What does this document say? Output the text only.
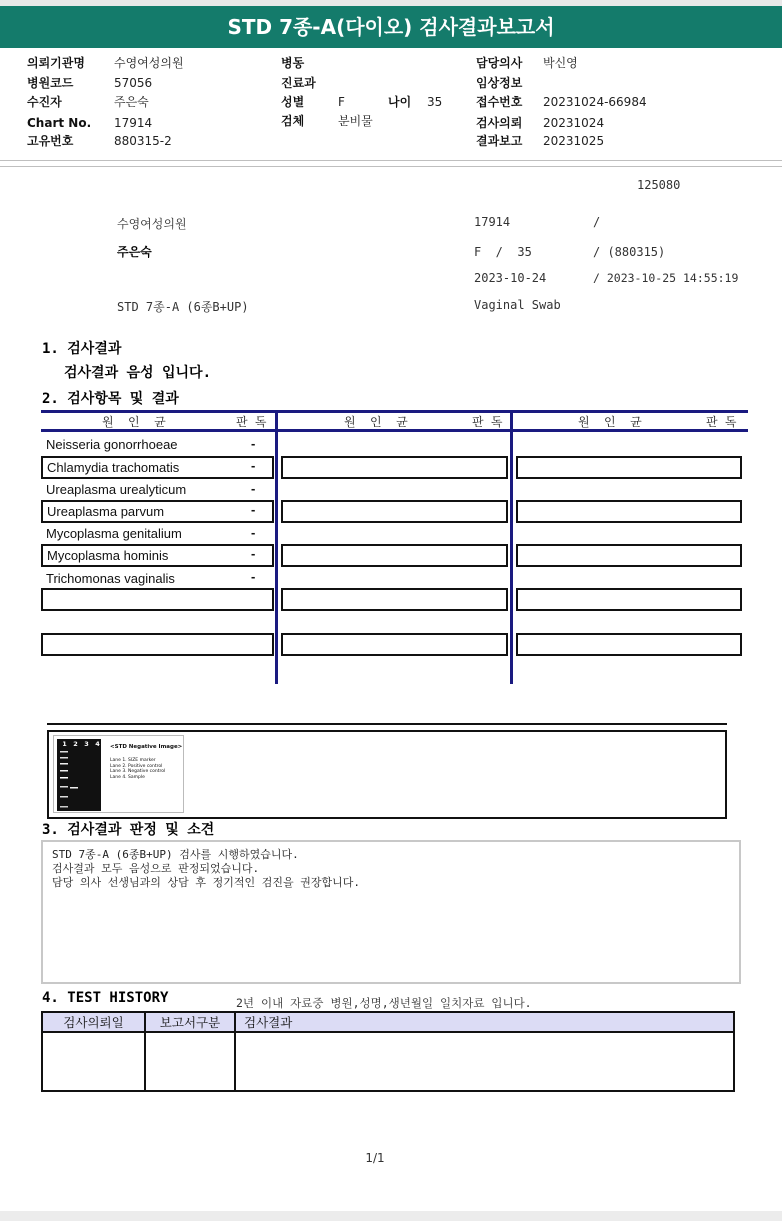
STD 7종-A(다이오) 검사결과보고서
의뢰기관명 수영여성의원
병원코드	57056
수진자	주은숙
Chart No. 17914
고유번호	880315-2
병동
진료과
성별	F	나이 35
검체	분비물
담당의사 박신영
임상정보
접수번호 20231024-66984
검사의뢰 20231024
결과보고 20231025
125080
수영여성의원	17914	/
주은숙	F  /  35	/ (880315)
2023-10-24	/ 2023-10-25 14:55:19
STD 7종-A (6종B+UP)	Vaginal Swab
1. 검사결과
검사결과 음성 입니다.
2. 검사항목 및 결과
원  인  균	판 독	원  인  균	판 독	원  인  균	판 독
Neisseria gonorrhoeae	-
Chlamydia trachomatis	-
Ureaplasma urealyticum	-
Ureaplasma parvum	-
Mycoplasma genitalium	-
Mycoplasma hominis	-
Trichomonas vaginalis	-
1 2 3 4 <STD Negative Image>
Lane 1. SIZE marker
Lane 2. Positive control
Lane 3. Negative control
Lane 4. Sample
3. 검사결과 판정 및 소견
STD 7종-A (6종B+UP) 검사를 시행하였습니다.
검사결과 모두 음성으로 판정되었습니다.
담당 의사 선생님과의 상담 후 정기적인 검진을 권장합니다.
4. TEST HISTORY	2년 이내 자료중 병원,성명,생년월일 일치자료 입니다.
검사의뢰일	보고서구분	검사결과

1/1
